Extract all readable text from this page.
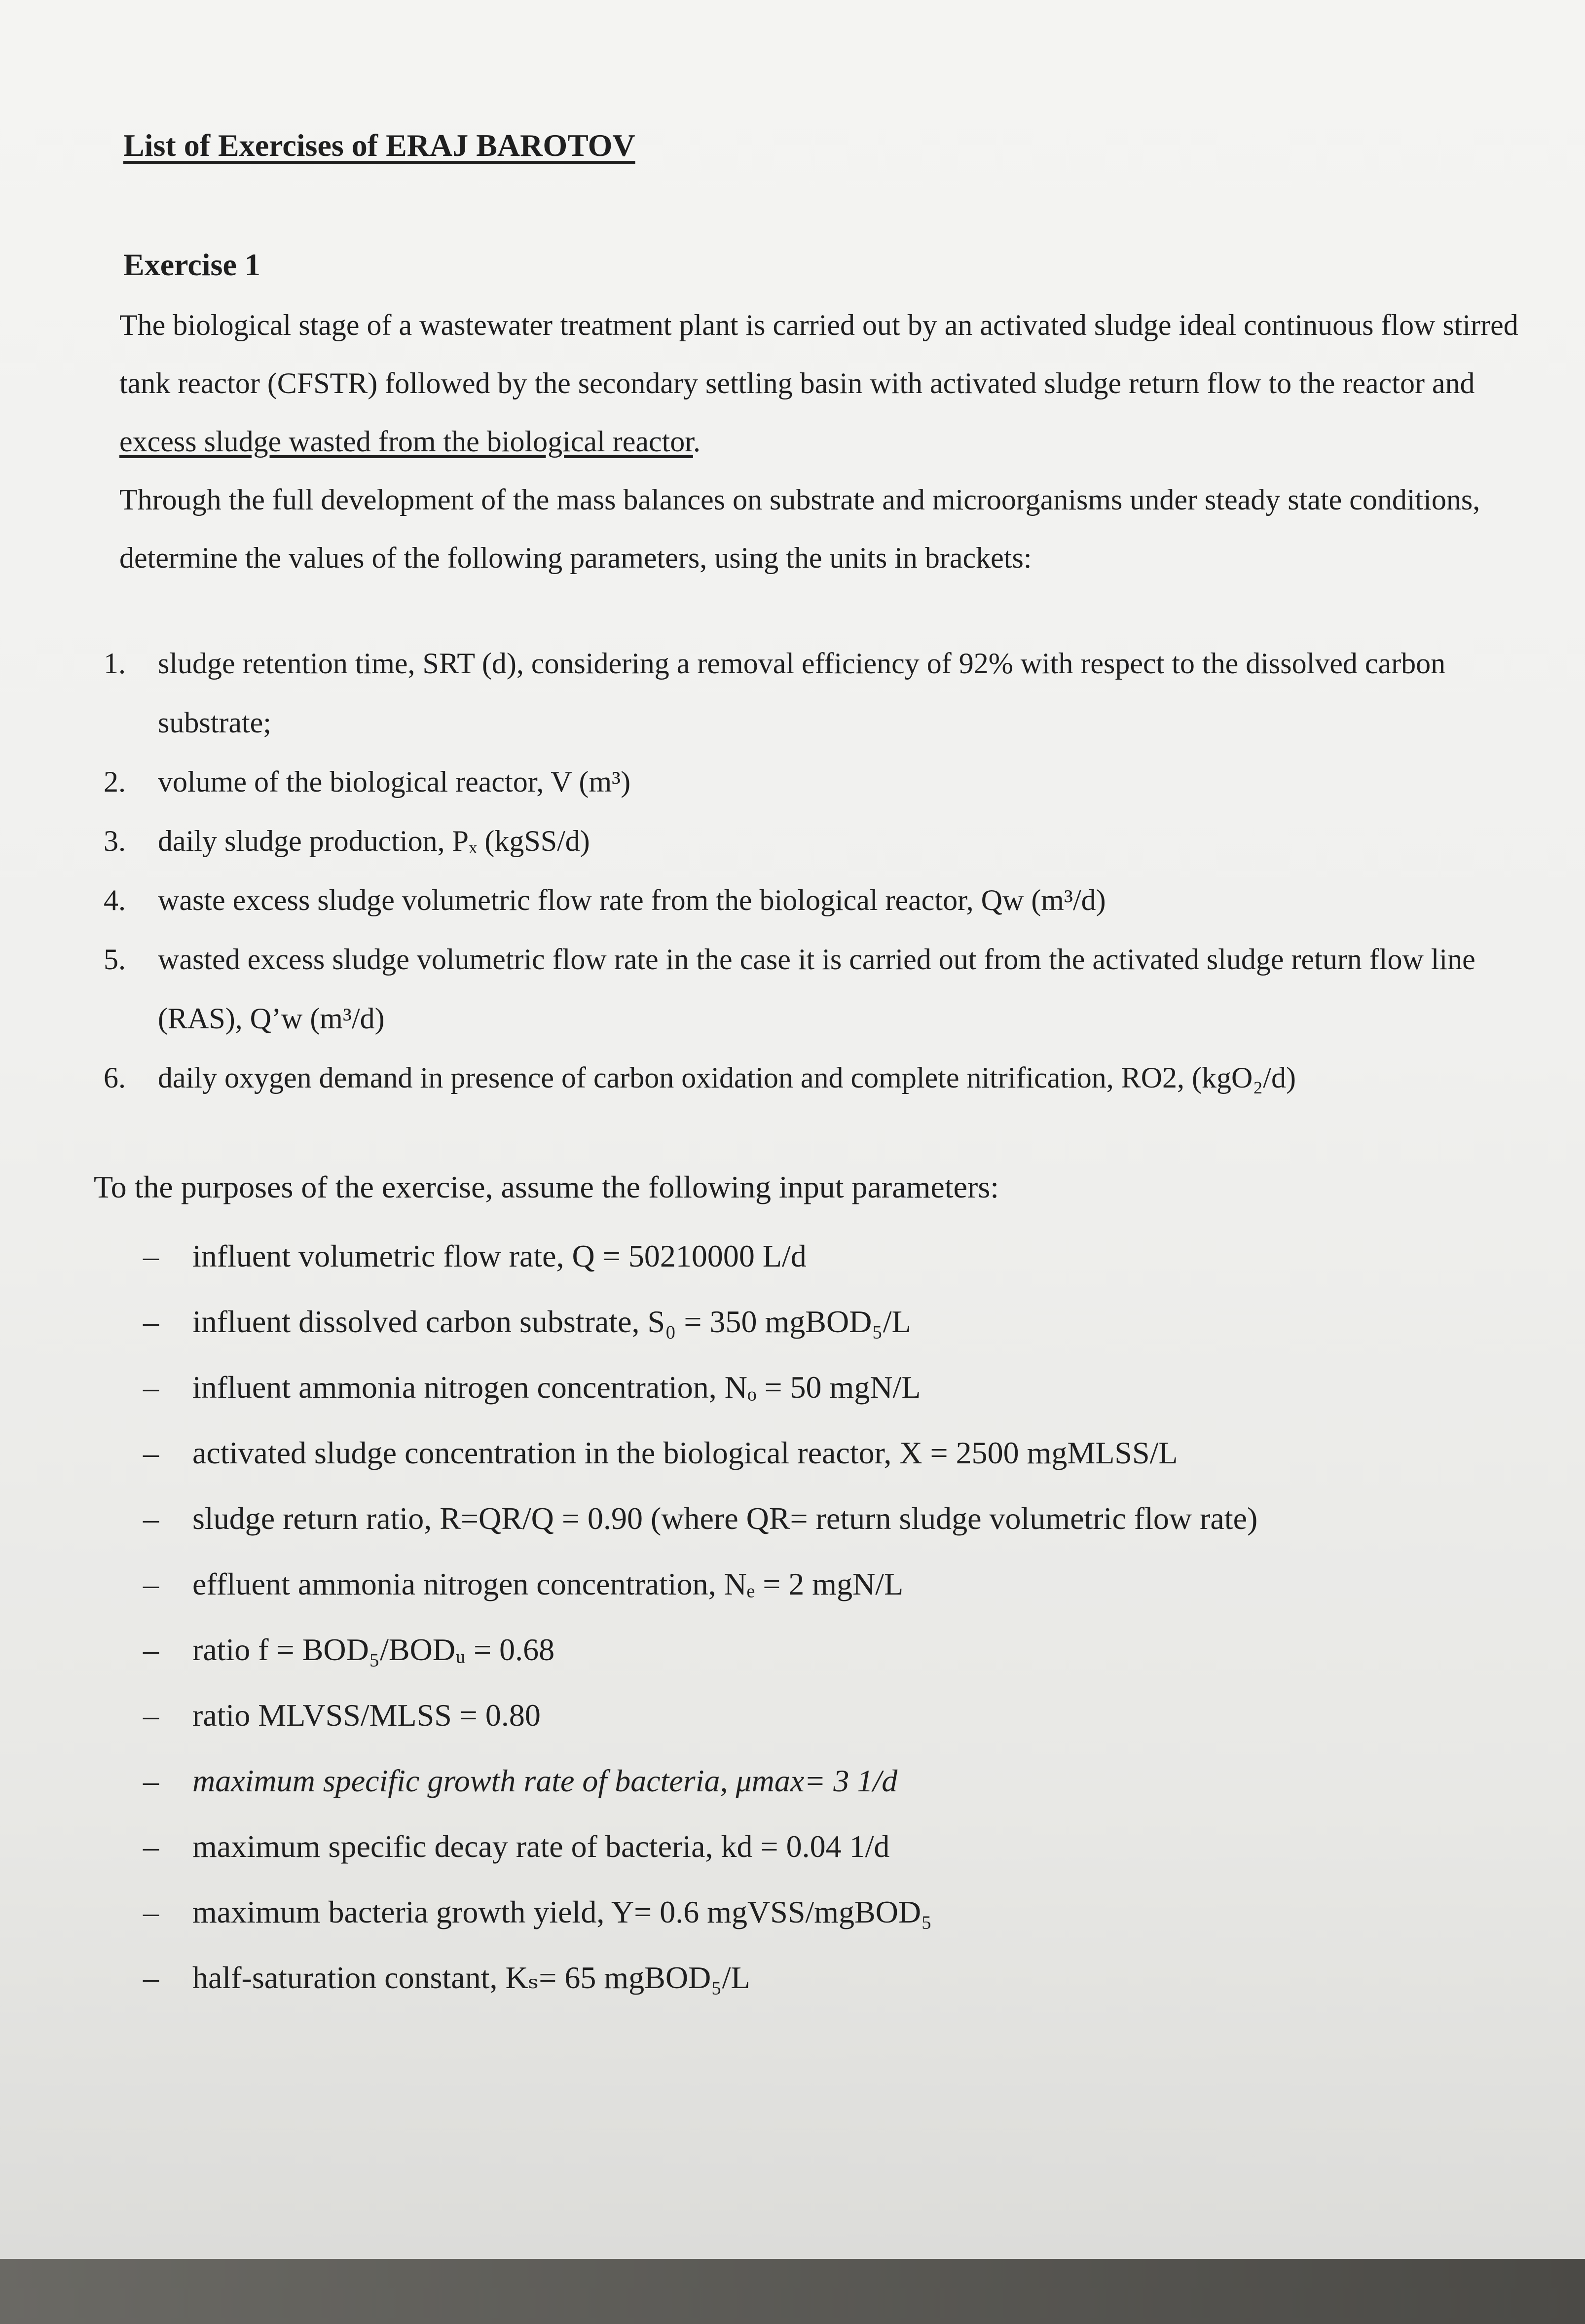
List of Exercises of ERAJ BAROTOV
Exercise 1

The biological stage of a wastewater treatment plant is carried out by an activated sludge ideal continuous flow stirred tank reactor (CFSTR) followed by the secondary settling basin with activated sludge return flow to the reactor and excess sludge wasted from the biological reactor.

Through the full development of the mass balances on substrate and microorganisms under steady state conditions, determine the values of the following parameters, using the units in brackets:

1. sludge retention time, SRT (d), considering a removal efficiency of 92% with respect to the dissolved carbon substrate;
2. volume of the biological reactor, V (m³)
3. daily sludge production, Pₓ (kgSS/d)
4. waste excess sludge volumetric flow rate from the biological reactor, Qw (m³/d)
5. wasted excess sludge volumetric flow rate in the case it is carried out from the activated sludge return flow line (RAS), Q’w (m³/d)
6. daily oxygen demand in presence of carbon oxidation and complete nitrification, RO2, (kgO₂/d)

To the purposes of the exercise, assume the following input parameters:

– influent volumetric flow rate, Q = 50210000 L/d
– influent dissolved carbon substrate, S₀ = 350 mgBOD₅/L
– influent ammonia nitrogen concentration, Nₒ = 50 mgN/L
– activated sludge concentration in the biological reactor, X = 2500 mgMLSS/L
– sludge return ratio, R=QR/Q = 0.90 (where QR= return sludge volumetric flow rate)
– effluent ammonia nitrogen concentration, Nₑ = 2 mgN/L
– ratio f = BOD₅/BODᵤ = 0.68
– ratio MLVSS/MLSS = 0.80
– maximum specific growth rate of bacteria, μmax= 3 1/d
– maximum specific decay rate of bacteria, kd = 0.04 1/d
– maximum bacteria growth yield, Y= 0.6 mgVSS/mgBOD₅
– half-saturation constant, Kₛ= 65 mgBOD₅/L
